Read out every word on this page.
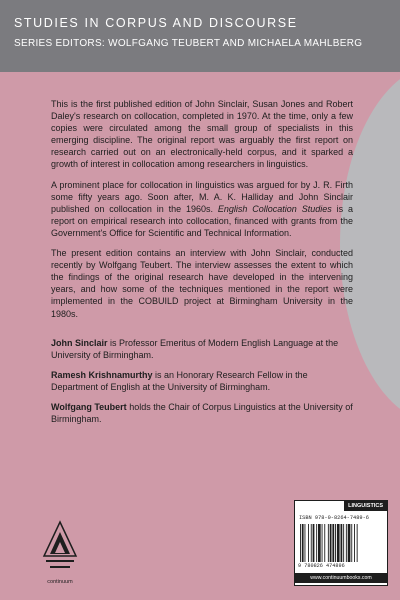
STUDIES IN CORPUS AND DISCOURSE
SERIES EDITORS: WOLFGANG TEUBERT AND MICHAELA MAHLBERG

This is the first published edition of John Sinclair, Susan Jones and Robert Daley's research on collocation, completed in 1970. At the time, only a few copies were circulated among the small group of specialists in this emerging discipline. The original report was arguably the first report on research carried out on an electronically-held corpus, and it sparked a growth of interest in collocation among researchers in linguistics.

A prominent place for collocation in linguistics was argued for by J. R. Firth some fifty years ago. Soon after, M. A. K. Halliday and John Sinclair published on collocation in the 1960s. English Collocation Studies is a report on empirical research into collocation, financed with grants from the Government's Office for Scientific and Technical Information.

The present edition contains an interview with John Sinclair, conducted recently by Wolfgang Teubert. The interview assesses the extent to which the findings of the original research have developed in the intervening years, and how some of the techniques mentioned in the report were implemented in the COBUILD project at Birmingham University in the 1980s.

John Sinclair is Professor Emeritus of Modern English Language at the University of Birmingham.

Ramesh Krishnamurthy is an Honorary Research Fellow in the Department of English at the University of Birmingham.

Wolfgang Teubert holds the Chair of Corpus Linguistics at the University of Birmingham.

continuum
LINGUISTICS
ISBN 978-0-8264-7489-6
9 780826 474896
www.continuumbooks.com
